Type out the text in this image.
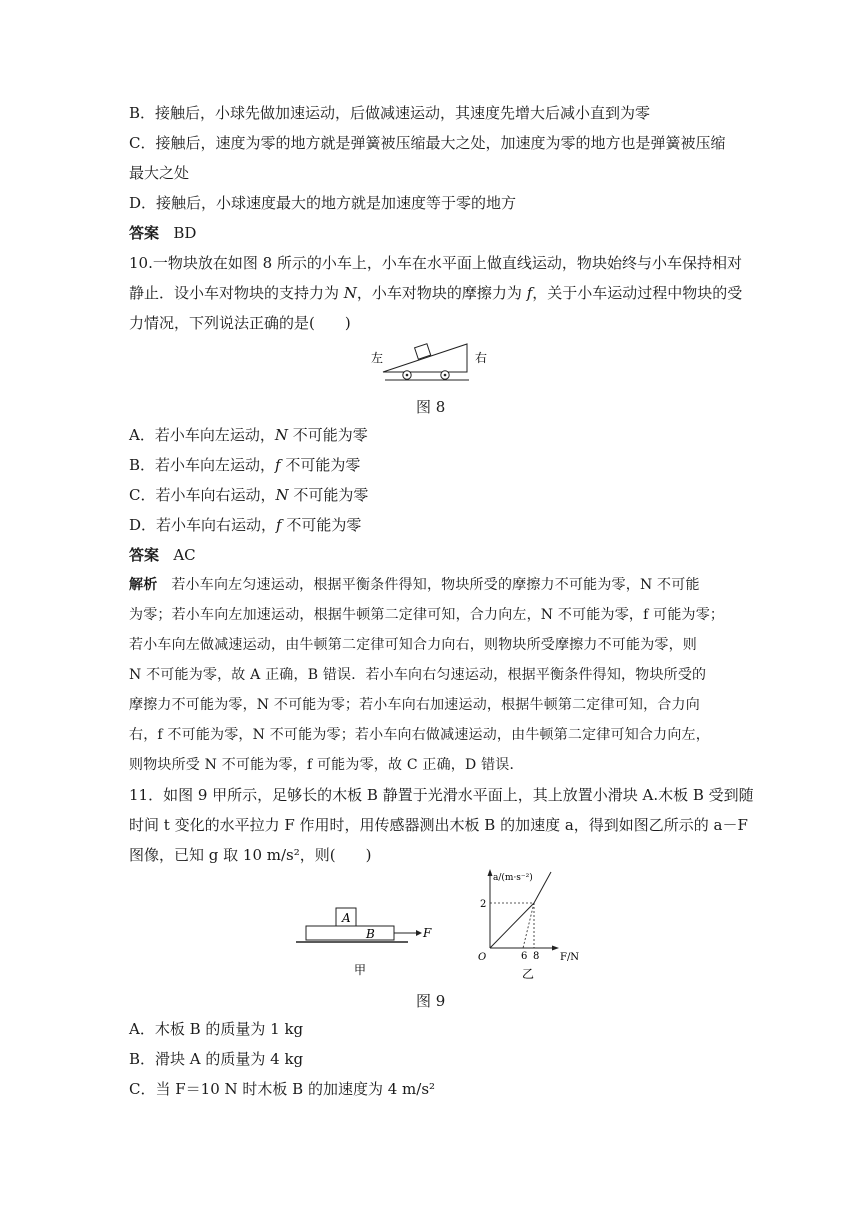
B．接触后，小球先做加速运动，后做减速运动，其速度先增大后减小直到为零
C．接触后，速度为零的地方就是弹簧被压缩最大之处，加速度为零的地方也是弹簧被压缩
最大之处
D．接触后，小球速度最大的地方就是加速度等于零的地方
答案 BD
10.一物块放在如图 8 所示的小车上，小车在水平面上做直线运动，物块始终与小车保持相对
静止．设小车对物块的支持力为 N，小车对物块的摩擦力为 f，关于小车运动过程中物块的受
力情况，下列说法正确的是(　　)
左	右
图 8
A．若小车向左运动，N 不可能为零
B．若小车向左运动，f 不可能为零
C．若小车向右运动，N 不可能为零
D．若小车向右运动，f 不可能为零
答案 AC
解析 若小车向左匀速运动，根据平衡条件得知，物块所受的摩擦力不可能为零，N 不可能
为零；若小车向左加速运动，根据牛顿第二定律可知，合力向左，N 不可能为零，f 可能为零；
若小车向左做减速运动，由牛顿第二定律可知合力向右，则物块所受摩擦力不可能为零，则
N 不可能为零，故 A 正确，B 错误．若小车向右匀速运动，根据平衡条件得知，物块所受的
摩擦力不可能为零，N 不可能为零；若小车向右加速运动，根据牛顿第二定律可知，合力向
右，f 不可能为零，N 不可能为零；若小车向右做减速运动，由牛顿第二定律可知合力向左，
则物块所受 N 不可能为零，f 可能为零，故 C 正确，D 错误．
11．如图 9 甲所示，足够长的木板 B 静置于光滑水平面上，其上放置小滑块 A.木板 B 受到随
时间 t 变化的水平拉力 F 作用时，用传感器测出木板 B 的加速度 a，得到如图乙所示的 a－F
图像，已知 g 取 10 m/s²，则(　　)
A
B	F
甲
a/(m·s⁻²)
F/N
O
2
6 8
乙
图 9
A．木板 B 的质量为 1 kg
B．滑块 A 的质量为 4 kg
C．当 F＝10 N 时木板 B 的加速度为 4 m/s²
